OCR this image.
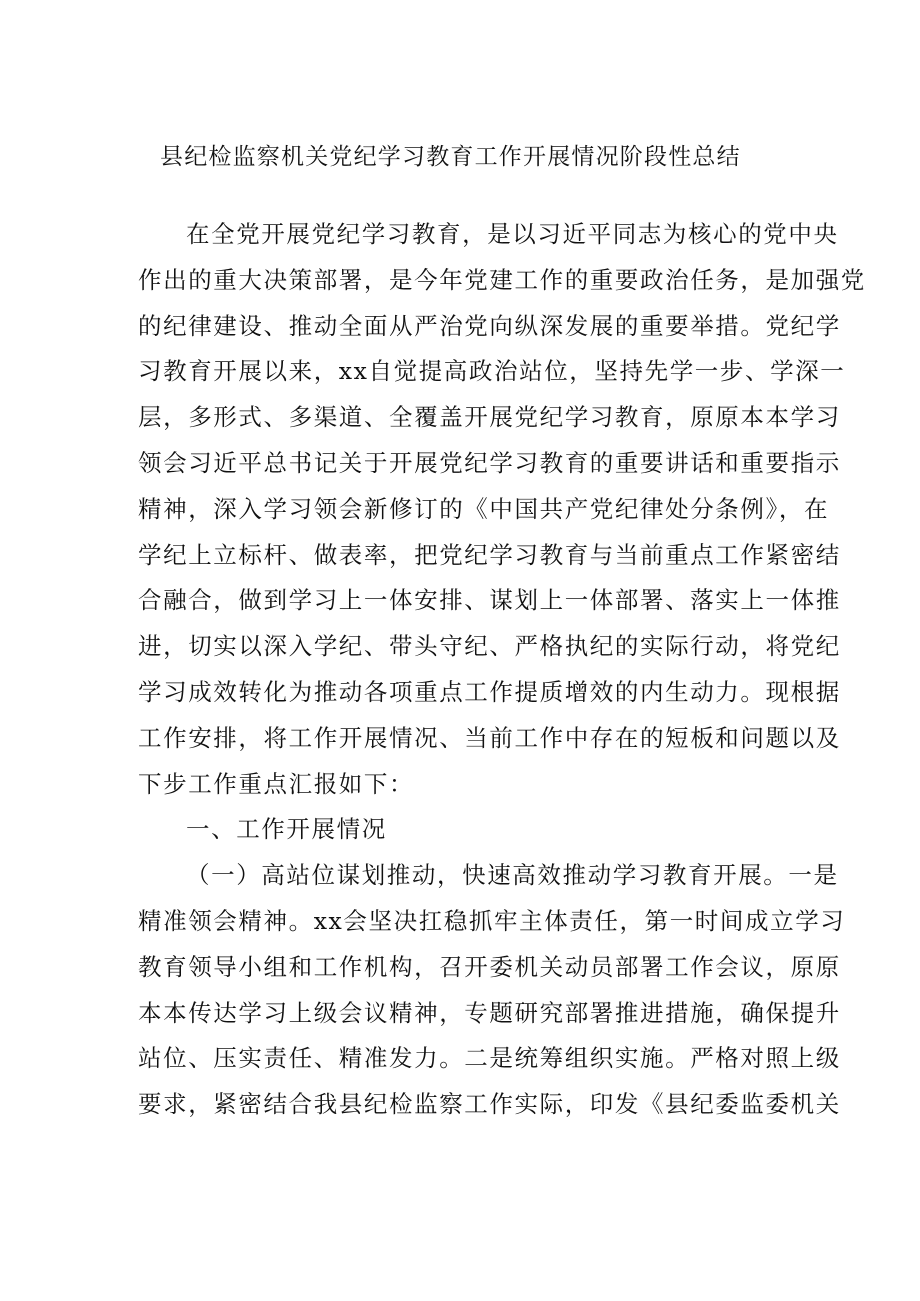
县纪检监察机关党纪学习教育工作开展情况阶段性总结
在全党开展党纪学习教育，是以习近平同志为核心的党中央
作出的重大决策部署，是今年党建工作的重要政治任务，是加强党
的纪律建设、推动全面从严治党向纵深发展的重要举措。党纪学
习教育开展以来，xx自觉提高政治站位，坚持先学一步、学深一
层，多形式、多渠道、全覆盖开展党纪学习教育，原原本本学习
领会习近平总书记关于开展党纪学习教育的重要讲话和重要指示
精神，深入学习领会新修订的《中国共产党纪律处分条例》，在
学纪上立标杆、做表率，把党纪学习教育与当前重点工作紧密结
合融合，做到学习上一体安排、谋划上一体部署、落实上一体推
进，切实以深入学纪、带头守纪、严格执纪的实际行动，将党纪
学习成效转化为推动各项重点工作提质增效的内生动力。现根据
工作安排，将工作开展情况、当前工作中存在的短板和问题以及
下步工作重点汇报如下：
一、工作开展情况
（一）高站位谋划推动，快速高效推动学习教育开展。一是
精准领会精神。xx会坚决扛稳抓牢主体责任，第一时间成立学习
教育领导小组和工作机构，召开委机关动员部署工作会议，原原
本本传达学习上级会议精神，专题研究部署推进措施，确保提升
站位、压实责任、精准发力。二是统筹组织实施。严格对照上级
要求，紧密结合我县纪检监察工作实际，印发《县纪委监委机关
